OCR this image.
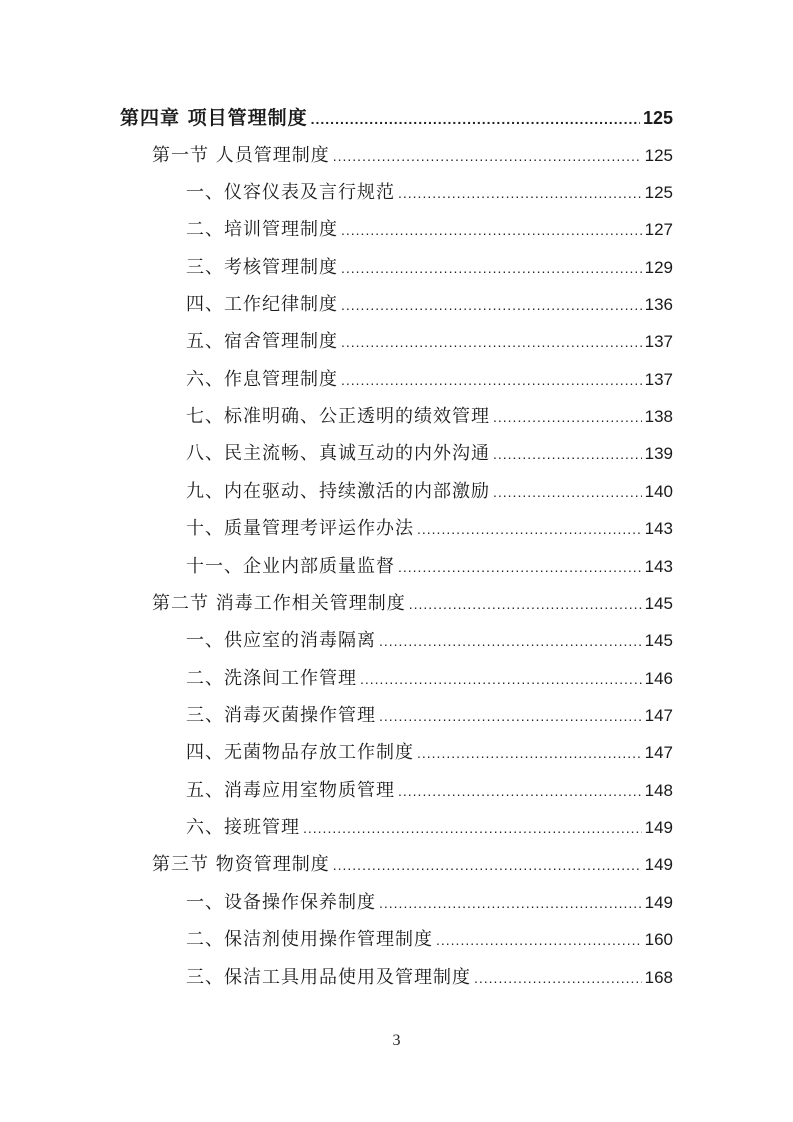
第四章 项目管理制度 .....	125
第一节 人员管理制度 .....	125
一、仪容仪表及言行规范 .....	125
二、培训管理制度 .....	127
三、考核管理制度 .....	129
四、工作纪律制度 .....	136
五、宿舍管理制度 .....	137
六、作息管理制度 .....	137
七、标准明确、公正透明的绩效管理 .....	138
八、民主流畅、真诚互动的内外沟通 .....	139
九、内在驱动、持续激活的内部激励 .....	140
十、质量管理考评运作办法 .....	143
十一、企业内部质量监督 .....	143
第二节 消毒工作相关管理制度 .....	145
一、供应室的消毒隔离 .....	145
二、洗涤间工作管理 .....	146
三、消毒灭菌操作管理 .....	147
四、无菌物品存放工作制度 .....	147
五、消毒应用室物质管理 .....	148
六、接班管理 .....	149
第三节 物资管理制度 .....	149
一、设备操作保养制度 .....	149
二、保洁剂使用操作管理制度 .....	160
三、保洁工具用品使用及管理制度 .....	168
3
